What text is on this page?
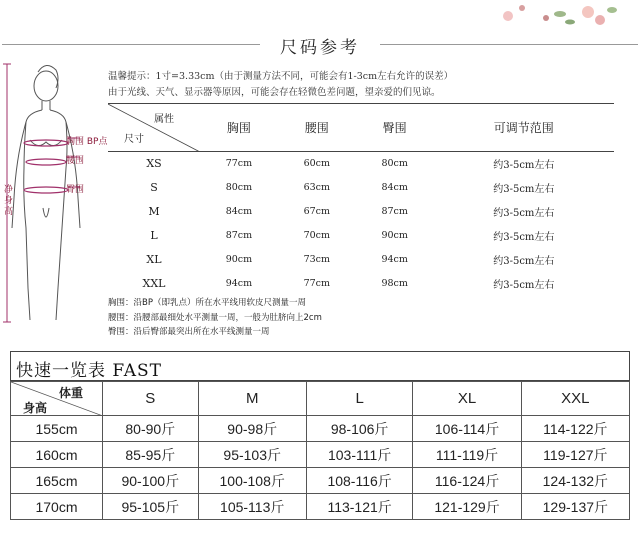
尺码参考
胸围 BP点
腰围
臀围
净身高
温馨提示：1寸=3.33cm（由于测量方法不同，可能会有1-3cm左右允许的误差）
由于光线、天气、显示器等原因，可能会存在轻微色差问题，望亲爱的们见谅。
属性
尺寸	胸围	腰围	臀围	可调节范围
XS	77cm	60cm	80cm	约3-5cm左右
S	80cm	63cm	84cm	约3-5cm左右
M	84cm	67cm	87cm	约3-5cm左右
L	87cm	70cm	90cm	约3-5cm左右
XL	90cm	73cm	94cm	约3-5cm左右
XXL	94cm	77cm	98cm	约3-5cm左右
胸围：沿BP（即乳点）所在水平线用软皮尺测量一周
腰围：沿腰部最细处水平测量一周，一般为肚脐向上2cm
臀围：沿后臀部最突出所在水平线测量一周
快速一览表 FAST
体重
身高	S	M	L	XL	XXL
155cm	80-90斤	90-98斤	98-106斤	106-114斤	114-122斤
160cm	85-95斤	95-103斤	103-111斤	111-119斤	119-127斤
165cm	90-100斤	100-108斤	108-116斤	116-124斤	124-132斤
170cm	95-105斤	105-113斤	113-121斤	121-129斤	129-137斤
